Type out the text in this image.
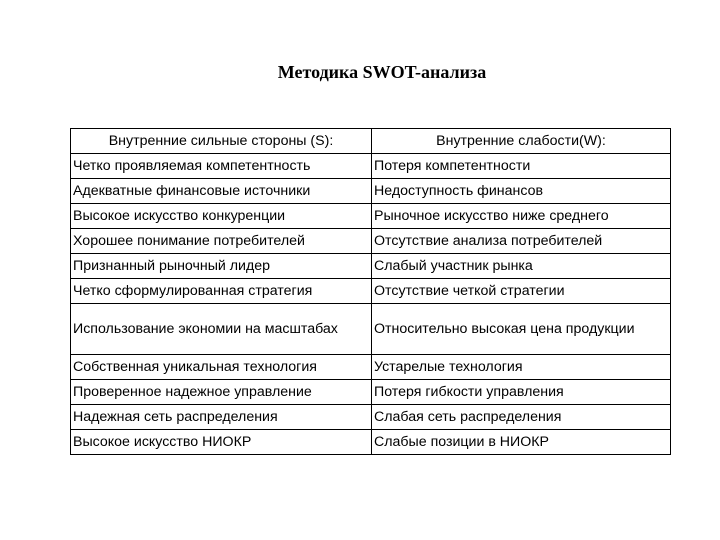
Методика SWOT-анализа
Внутренние сильные стороны (S):	Внутренние слабости(W):
Четко проявляемая компетентность	Потеря компетентности
Адекватные финансовые источники	Недоступность финансов
Высокое искусство конкуренции	Рыночное искусство ниже среднего
Хорошее понимание потребителей	Отсутствие анализа потребителей
Признанный рыночный лидер	Слабый участник рынка
Четко сформулированная стратегия	Отсутствие четкой стратегии
Использование экономии на масштабах	Относительно высокая цена продукции
Собственная уникальная технология	Устарелые технология
Проверенное надежное управление	Потеря гибкости управления
Надежная сеть распределения	Слабая сеть распределения
Высокое искусство НИОКР	Слабые позиции в НИОКР
